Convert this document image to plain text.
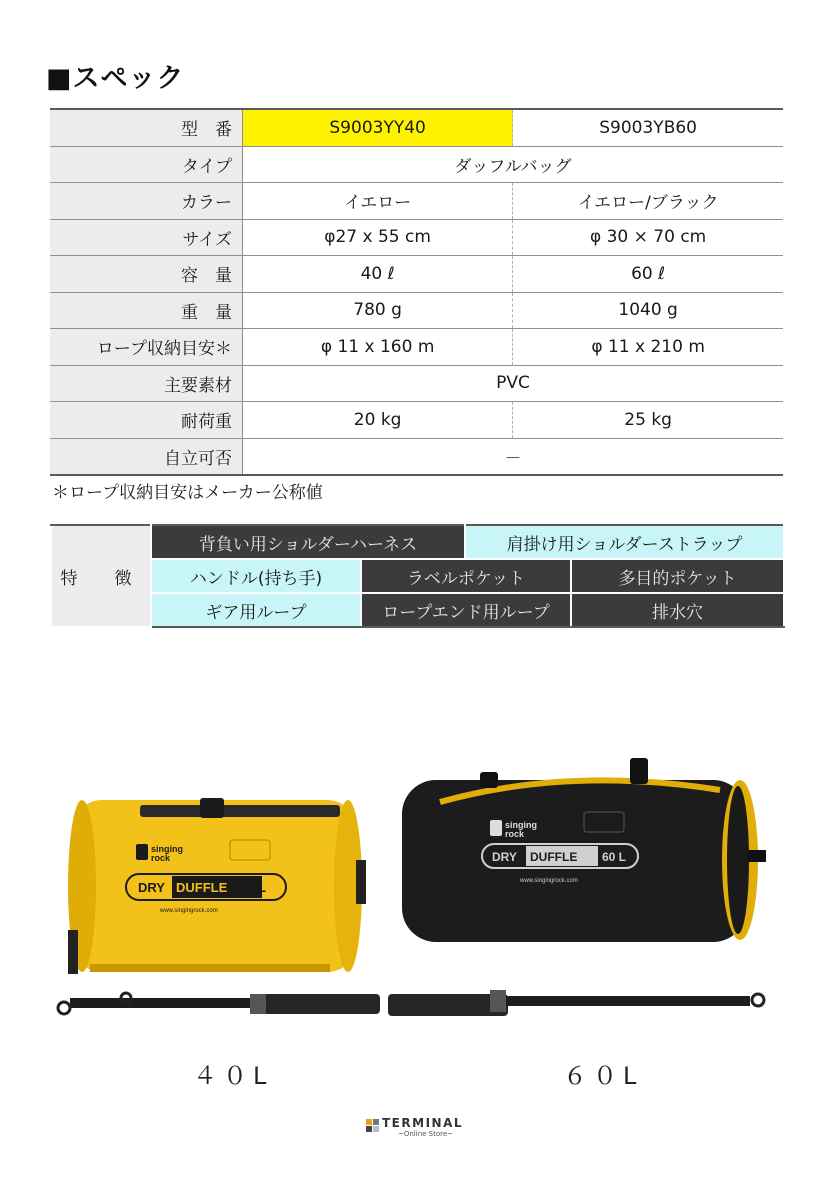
■スペック
型　番	S9003YY40	S9003YB60
タイプ	ダッフルバッグ	
カラー	イエロー	イエロー/ブラック
サイズ	φ27 x 55 cm	φ 30 × 70 cm
容　量	40 ℓ	60 ℓ
重　量	780 g	1040 g
ロープ収納目安＊	φ 11 x 160 m	φ 11 x 210 m
主要素材	PVC	
耐荷重	20 kg	25 kg
自立可否	－	
＊ロープ収納目安はメーカー公称値
特　徴	背負い用ショルダーハーネス		肩掛け用ショルダーストラップ	
	ハンドル(持ち手)	ラベルポケット		多目的ポケット
	ギア用ループ	ロープエンド用ループ		排水穴
singing
rock
DRY DUFFLE 40 L
www.singingrock.com
singing
rock
DRY DUFFLE 60 L
www.singingrock.com
４０L	６０L
TERMINAL
~Online Store~
